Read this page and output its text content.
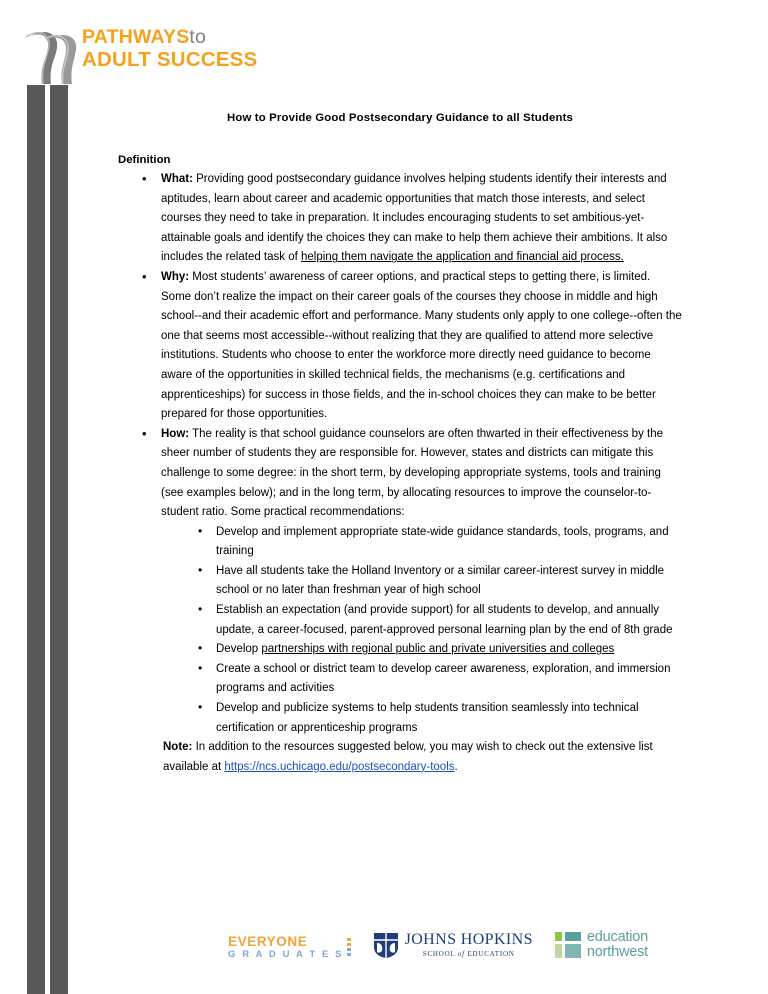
PATHWAYSto
ADULT SUCCESS
How to Provide Good Postsecondary Guidance to all Students
Definition

• What: Providing good postsecondary guidance involves helping students identify their interests and aptitudes, learn about career and academic opportunities that match those interests, and select courses they need to take in preparation. It includes encouraging students to set ambitious-yet-attainable goals and identify the choices they can make to help them achieve their ambitions. It also includes the related task of helping them navigate the application and financial aid process.

• Why: Most students’ awareness of career options, and practical steps to getting there, is limited. Some don’t realize the impact on their career goals of the courses they choose in middle and high school--and their academic effort and performance. Many students only apply to one college--often the one that seems most accessible--without realizing that they are qualified to attend more selective institutions. Students who choose to enter the workforce more directly need guidance to become aware of the opportunities in skilled technical fields, the mechanisms (e.g. certifications and apprenticeships) for success in those fields, and the in-school choices they can make to be better prepared for those opportunities.

• How: The reality is that school guidance counselors are often thwarted in their effectiveness by the sheer number of students they are responsible for. However, states and districts can mitigate this challenge to some degree: in the short term, by developing appropriate systems, tools and training (see examples below); and in the long term, by allocating resources to improve the counselor-to-student ratio. Some practical recommendations:

• Develop and implement appropriate state-wide guidance standards, tools, programs, and training
• Have all students take the Holland Inventory or a similar career-interest survey in middle school or no later than freshman year of high school
• Establish an expectation (and provide support) for all students to develop, and annually update, a career-focused, parent-approved personal learning plan by the end of 8th grade
• Develop partnerships with regional public and private universities and colleges
• Create a school or district team to develop career awareness, exploration, and immersion programs and activities
• Develop and publicize systems to help students transition seamlessly into technical certification or apprenticeship programs

Note: In addition to the resources suggested below, you may wish to check out the extensive list available at https://ncs.uchicago.edu/postsecondary-tools.

EVERYONE
G R A D U A T E S
JOHNS HOPKINS
SCHOOL of EDUCATION
education
northwest
